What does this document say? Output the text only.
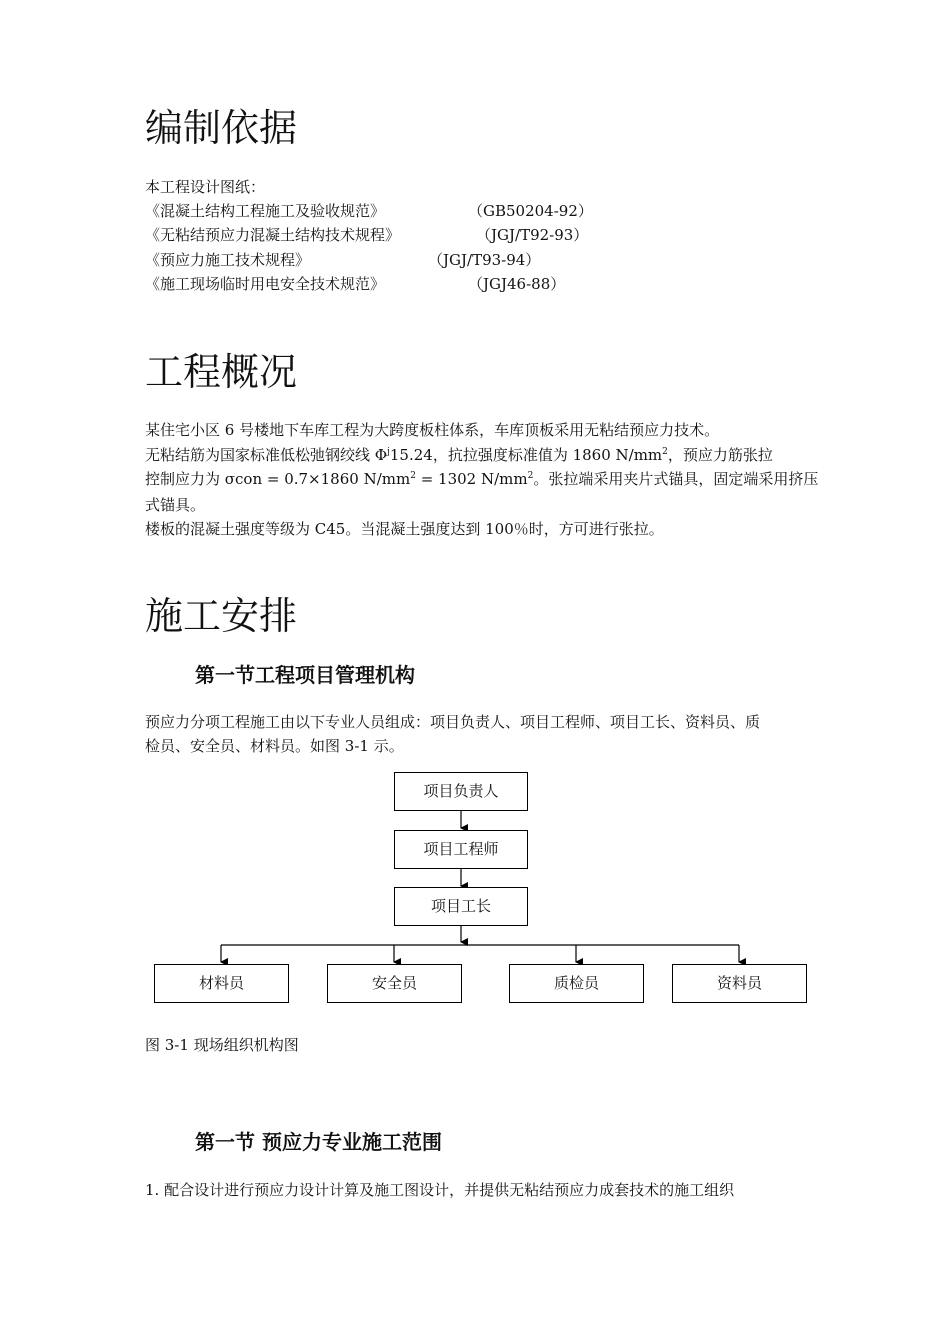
编制依据
本工程设计图纸：
《混凝土结构工程施工及验收规范》	（GB50204-92）
《无粘结预应力混凝土结构技术规程》	（JGJ/T92-93）
《预应力施工技术规程》	（JGJ/T93-94）
《施工现场临时用电安全技术规范》	（JGJ46-88）
工程概况
某住宅小区 6 号楼地下车库工程为大跨度板柱体系，车库顶板采用无粘结预应力技术。
无粘结筋为国家标准低松弛钢绞线 $\Phi^j15.24$，抗拉强度标准值为 1860 $N/mm^2$，预应力筋张拉
控制应力为 σcon = 0.7×1860 $N/mm^2 = 1302$ $N/mm^2$。张拉端采用夹片式锚具，固定端采用挤压
式锚具。
楼板的混凝土强度等级为 C45。当混凝土强度达到 100％时，方可进行张拉。
施工安排
第一节工程项目管理机构
预应力分项工程施工由以下专业人员组成：项目负责人、项目工程师、项目工长、资料员、质
检员、安全员、材料员。如图 3-1 示。
项目负责人
项目工程师
项目工长
材料员	安全员	质检员	资料员
图 3-1 现场组织机构图
第一节 预应力专业施工范围
1. 配合设计进行预应力设计计算及施工图设计，并提供无粘结预应力成套技术的施工组织
